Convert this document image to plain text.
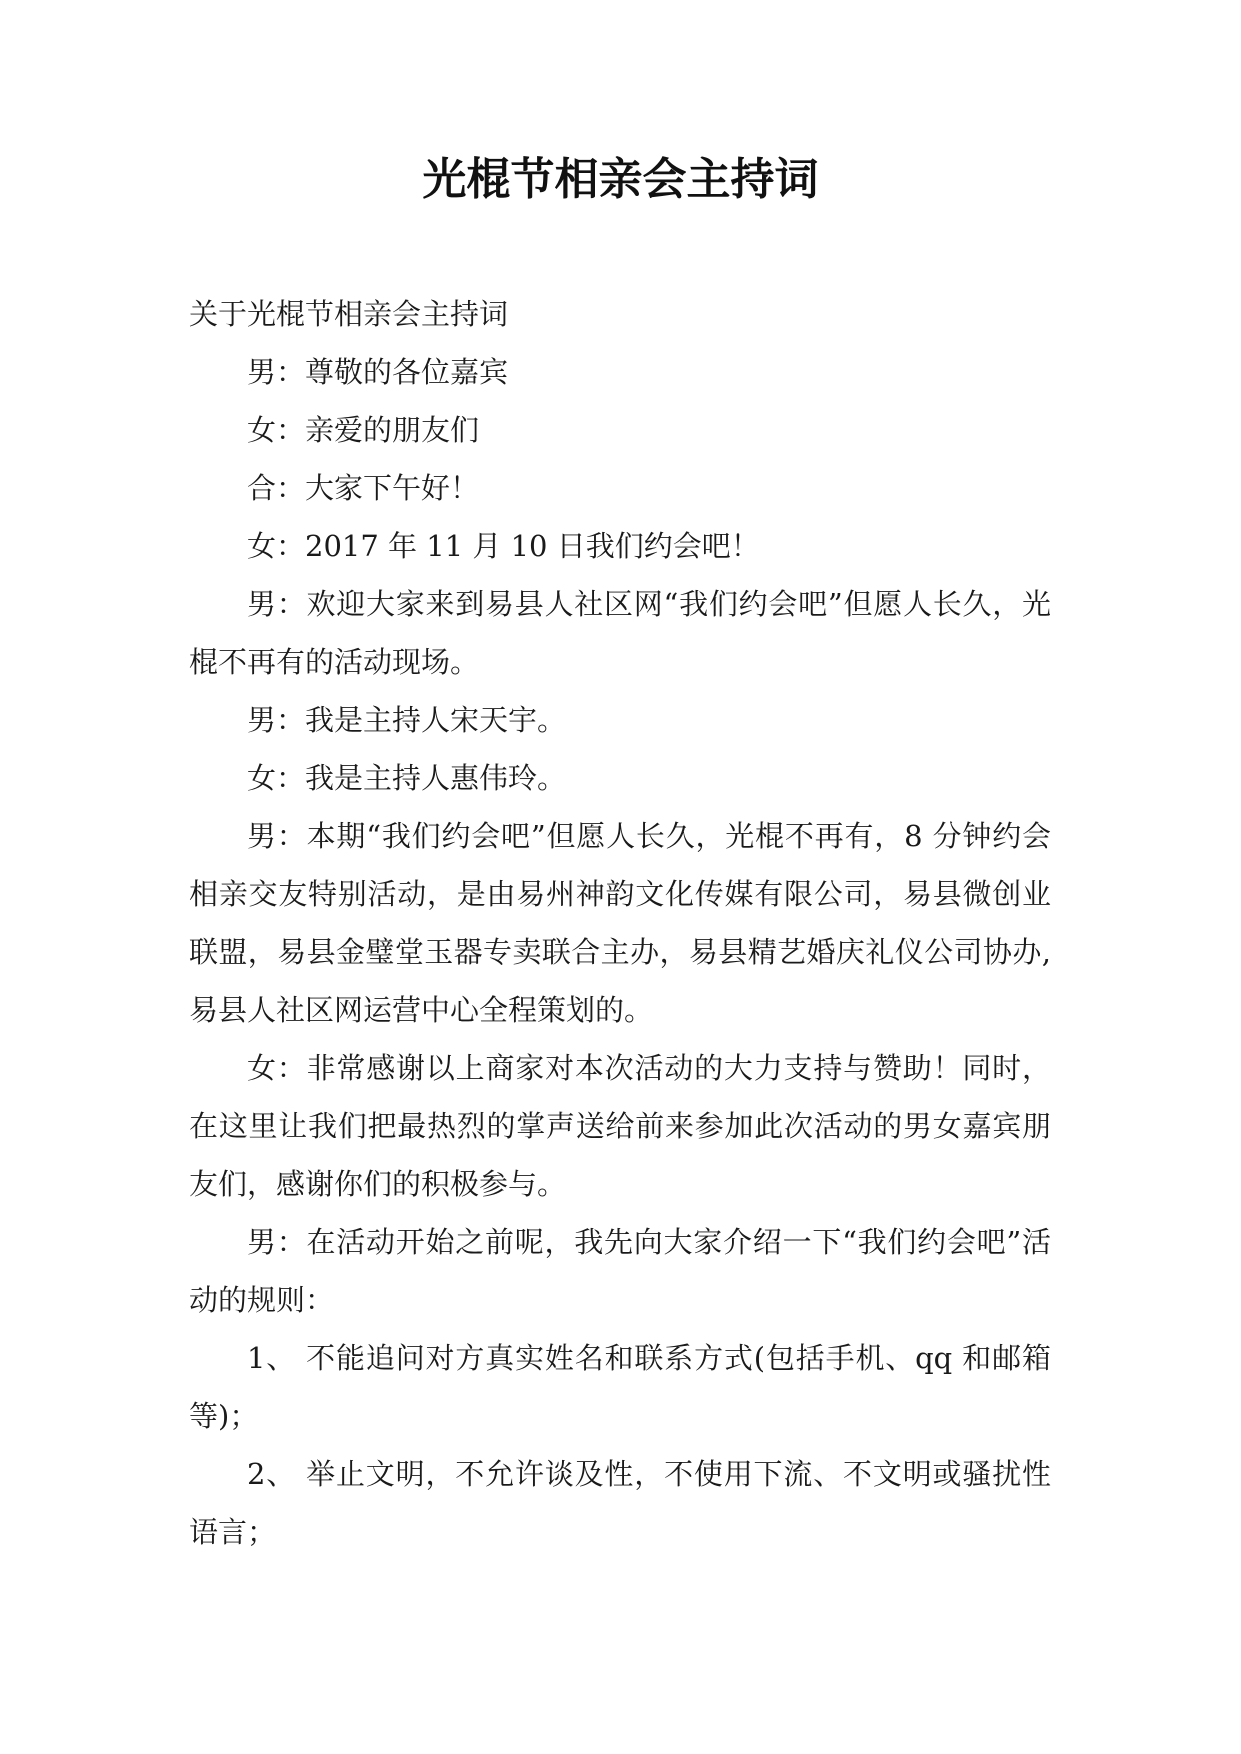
光棍节相亲会主持词

关于光棍节相亲会主持词

男：尊敬的各位嘉宾

女：亲爱的朋友们

合：大家下午好！

女：2017 年 11 月 10 日我们约会吧！

男：欢迎大家来到易县人社区网“我们约会吧”但愿人长久，光棍不再有的活动现场。

男：我是主持人宋天宇。

女：我是主持人惠伟玲。

男：本期“我们约会吧”但愿人长久，光棍不再有，8 分钟约会相亲交友特别活动，是由易州神韵文化传媒有限公司，易县微创业联盟，易县金璧堂玉器专卖联合主办，易县精艺婚庆礼仪公司协办,易县人社区网运营中心全程策划的。

女：非常感谢以上商家对本次活动的大力支持与赞助！同时，在这里让我们把最热烈的掌声送给前来参加此次活动的男女嘉宾朋友们，感谢你们的积极参与。

男：在活动开始之前呢，我先向大家介绍一下“我们约会吧”活动的规则：

1、 不能追问对方真实姓名和联系方式(包括手机、qq 和邮箱等)；

2、 举止文明，不允许谈及性，不使用下流、不文明或骚扰性语言；
